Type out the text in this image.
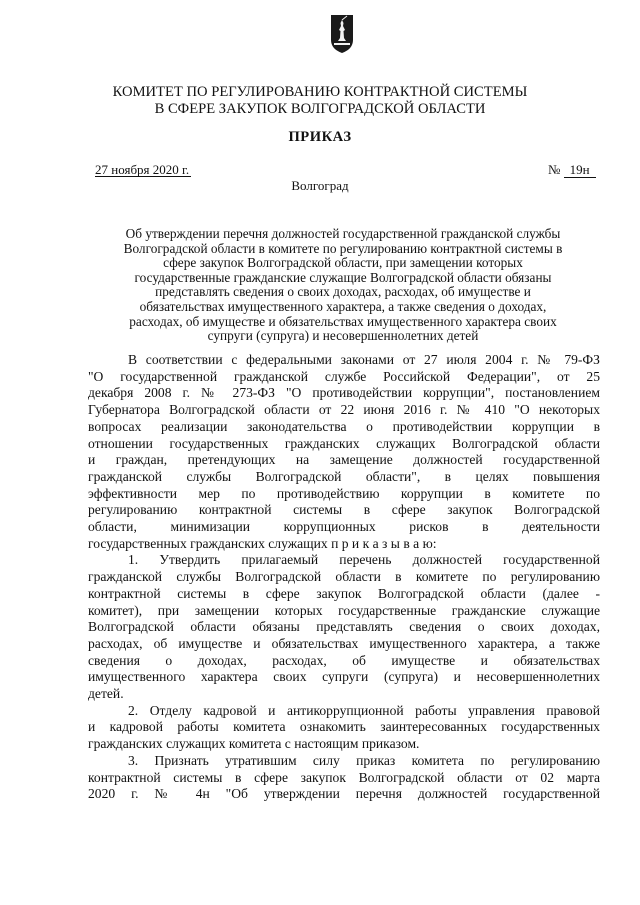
КОМИТЕТ ПО РЕГУЛИРОВАНИЮ КОНТРАКТНОЙ СИСТЕМЫ
В СФЕРЕ ЗАКУПОК ВОЛГОГРАДСКОЙ ОБЛАСТИ
ПРИКАЗ
27 ноября 2020 г.	№ 19н
Волгоград
Об утверждении перечня должностей государственной гражданской службы
Волгоградской области в комитете по регулированию контрактной системы в
сфере закупок Волгоградской области, при замещении которых
государственные гражданские служащие Волгоградской области обязаны
представлять сведения о своих доходах, расходах, об имуществе и
обязательствах имущественного характера, а также сведения о доходах,
расходах, об имуществе и обязательствах имущественного характера своих
супруги (супруга) и несовершеннолетних детей
В соответствии с федеральными законами от 27 июля 2004 г. № 79-ФЗ
"О государственной гражданской службе Российской Федерации", от 25
декабря 2008 г. № 273-ФЗ "О противодействии коррупции", постановлением
Губернатора Волгоградской области от 22 июня 2016 г. № 410 "О некоторых
вопросах реализации законодательства о противодействии коррупции в
отношении государственных гражданских служащих Волгоградской области
и граждан, претендующих на замещение должностей государственной
гражданской службы Волгоградской области", в целях повышения
эффективности мер по противодействию коррупции в комитете по
регулированию контрактной системы в сфере закупок Волгоградской
области, минимизации коррупционных рисков в деятельности
государственных гражданских служащих п р и к а з ы в а ю:
1. Утвердить прилагаемый перечень должностей государственной
гражданской службы Волгоградской области в комитете по регулированию
контрактной системы в сфере закупок Волгоградской области (далее -
комитет), при замещении которых государственные гражданские служащие
Волгоградской области обязаны представлять сведения о своих доходах,
расходах, об имуществе и обязательствах имущественного характера, а также
сведения о доходах, расходах, об имуществе и обязательствах
имущественного характера своих супруги (супруга) и несовершеннолетних
детей.
2. Отделу кадровой и антикоррупционной работы управления правовой
и кадровой работы комитета ознакомить заинтересованных государственных
гражданских служащих комитета с настоящим приказом.
3. Признать утратившим силу приказ комитета по регулированию
контрактной системы в сфере закупок Волгоградской области от 02 марта
2020 г. № 4н "Об утверждении перечня должностей государственной
